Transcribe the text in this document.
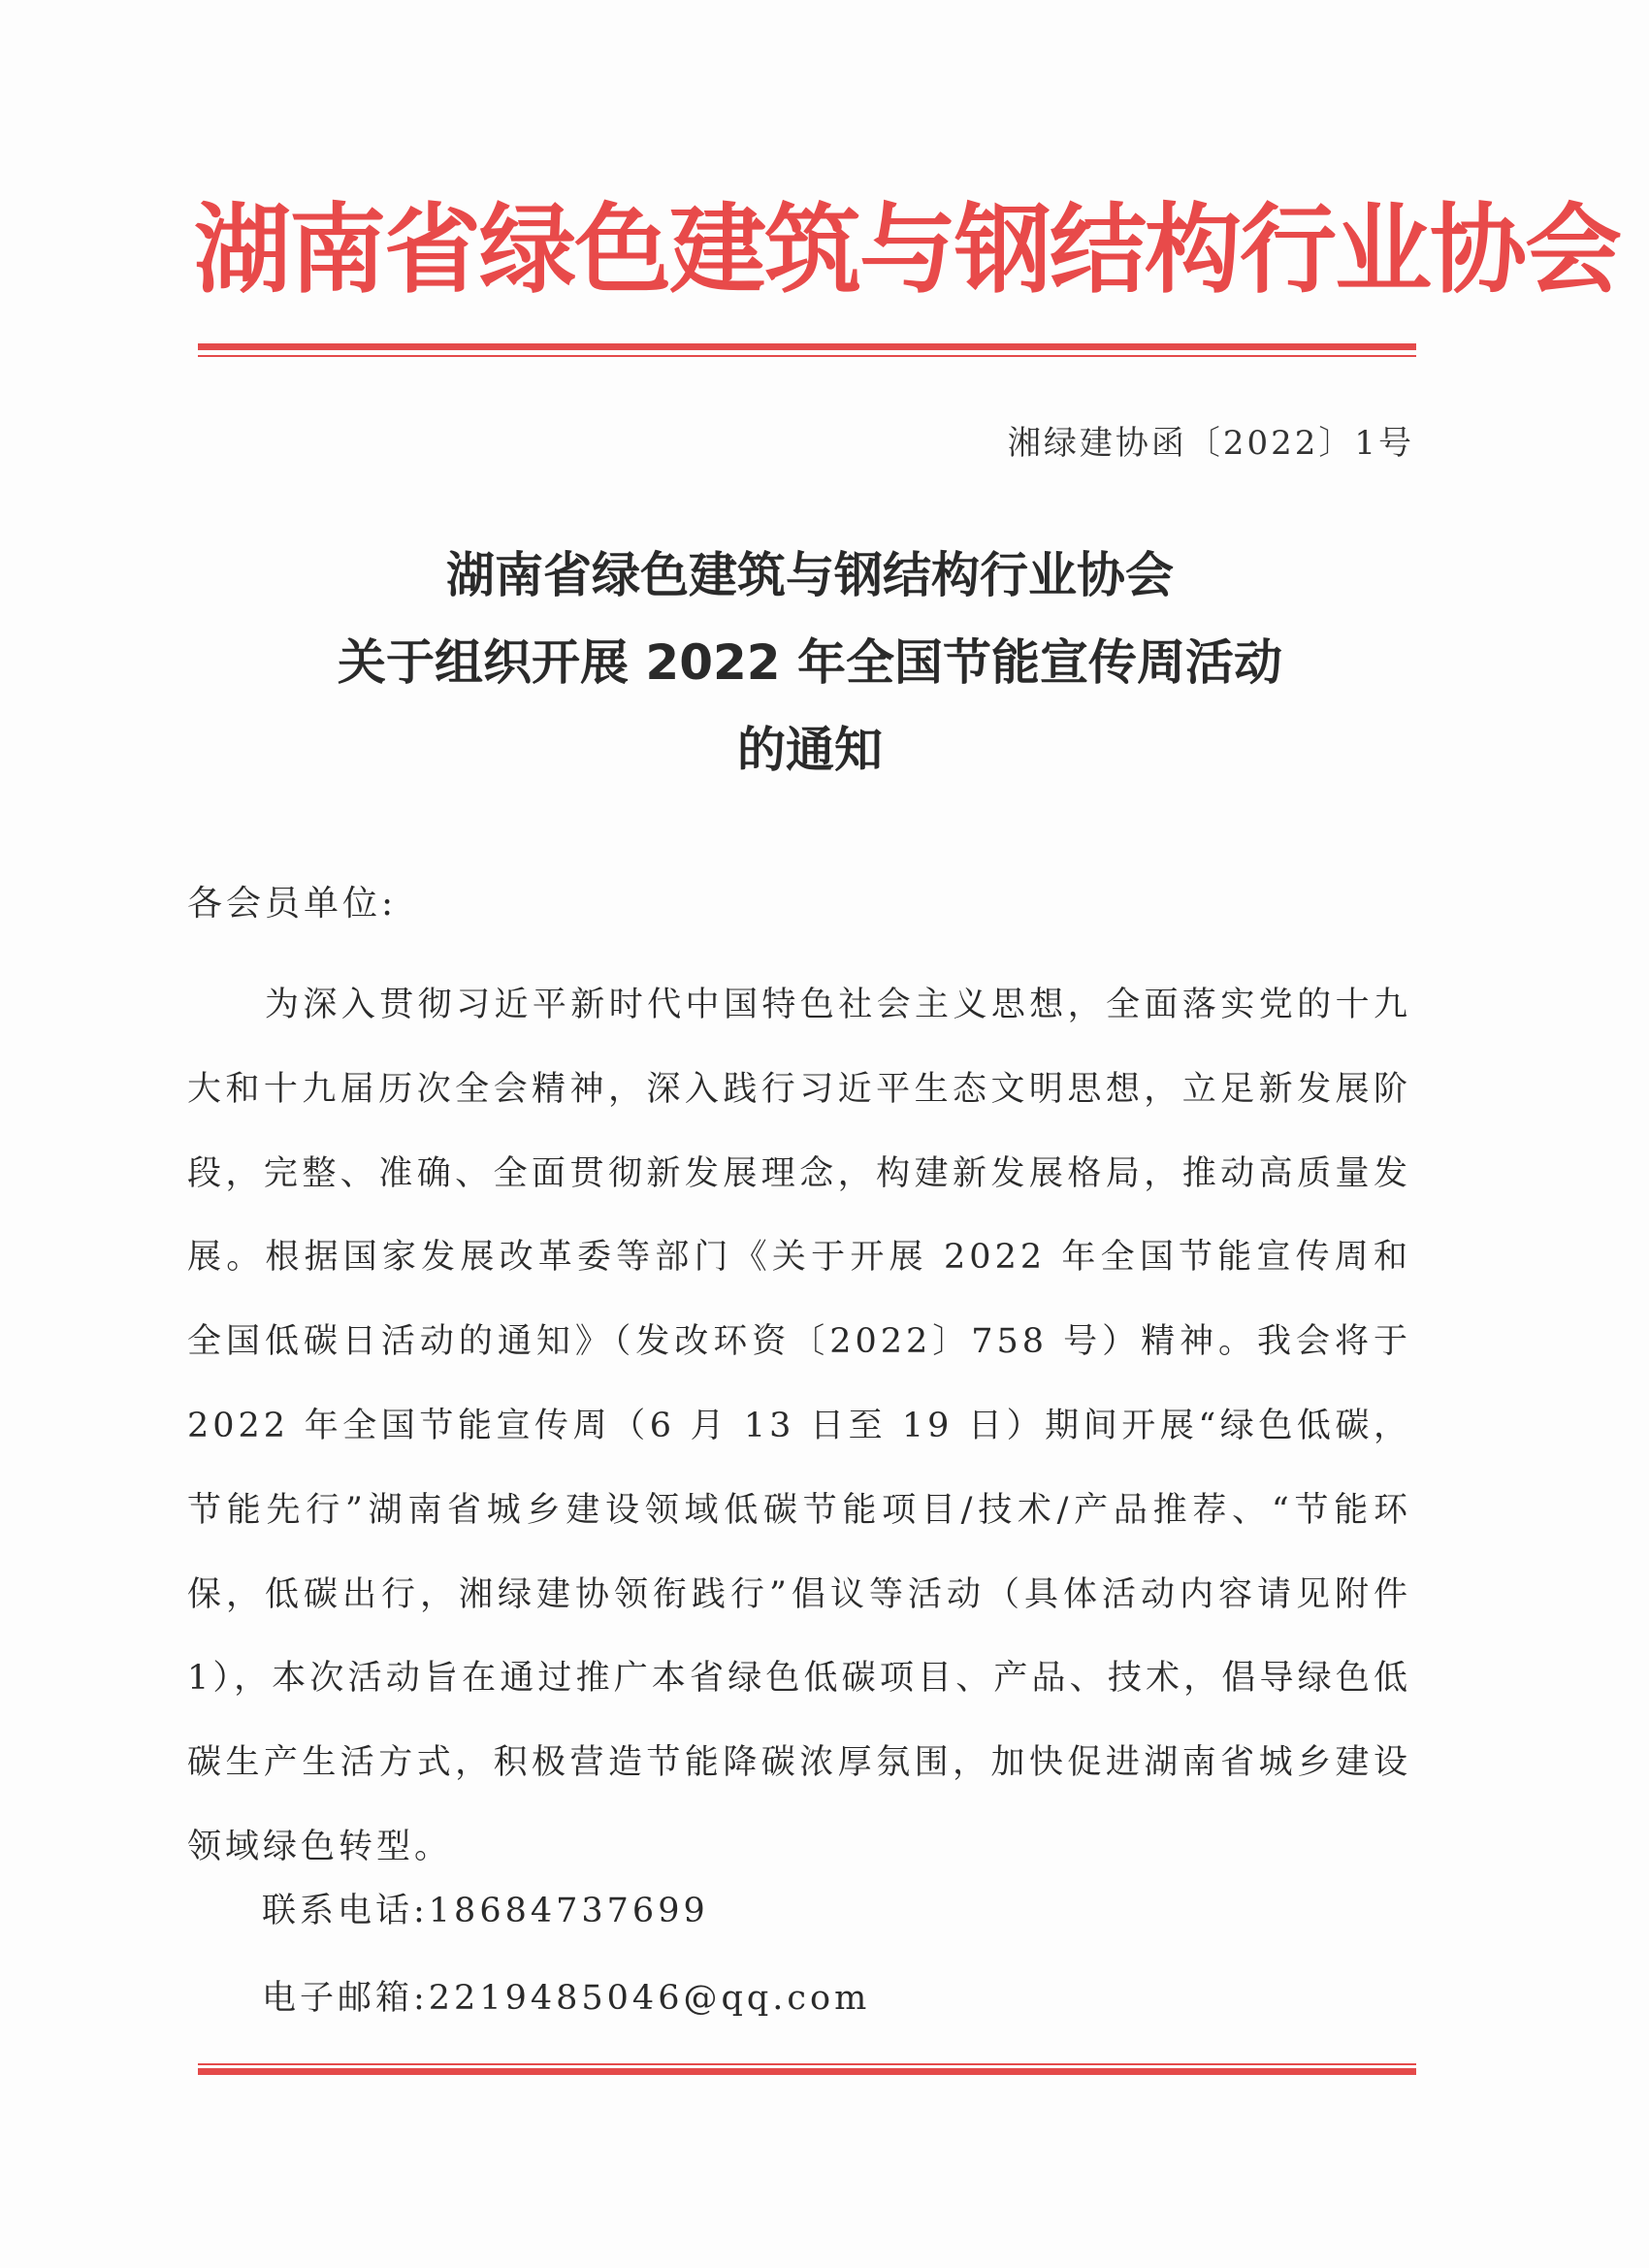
湖南省绿色建筑与钢结构行业协会
湘绿建协函〔2022〕1号
湖南省绿色建筑与钢结构行业协会
关于组织开展 2022 年全国节能宣传周活动
的通知
各会员单位:
为深入贯彻习近平新时代中国特色社会主义思想，全面落实党的十九大和十九届历次全会精神，深入践行习近平生态文明思想，立足新发展阶段，完整、准确、全面贯彻新发展理念，构建新发展格局，推动高质量发展。根据国家发展改革委等部门《关于开展 2022 年全国节能宣传周和全国低碳日活动的通知》（发改环资〔2022〕758 号）精神。我会将于 2022 年全国节能宣传周（6 月 13 日至 19 日）期间开展“绿色低碳，节能先行”湖南省城乡建设领域低碳节能项目/技术/产品推荐、“节能环保，低碳出行，湘绿建协领衔践行”倡议等活动（具体活动内容请见附件 1），本次活动旨在通过推广本省绿色低碳项目、产品、技术，倡导绿色低碳生产生活方式，积极营造节能降碳浓厚氛围，加快促进湖南省城乡建设领域绿色转型。
联系电话:18684737699
电子邮箱:2219485046@qq.com
